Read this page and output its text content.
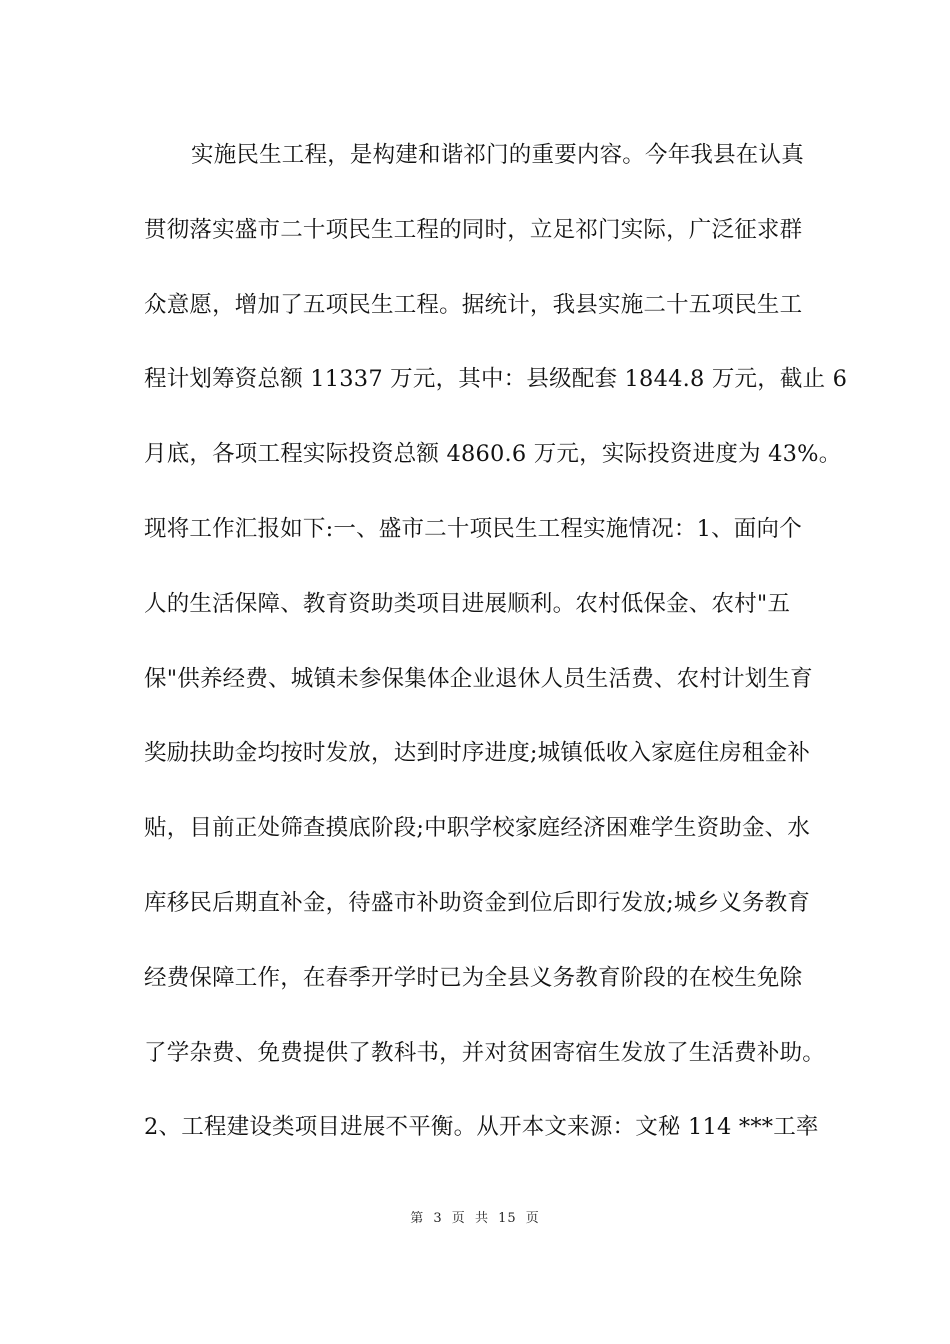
实施民生工程，是构建和谐祁门的重要内容。今年我县在认真
贯彻落实盛市二十项民生工程的同时，立足祁门实际，广泛征求群
众意愿，增加了五项民生工程。据统计，我县实施二十五项民生工
程计划筹资总额 11337 万元，其中：县级配套 1844.8 万元，截止 6
月底，各项工程实际投资总额 4860.6 万元，实际投资进度为 43%。
现将工作汇报如下:一、盛市二十项民生工程实施情况：1、面向个
人的生活保障、教育资助类项目进展顺利。农村低保金、农村"五
保"供养经费、城镇未参保集体企业退休人员生活费、农村计划生育
奖励扶助金均按时发放，达到时序进度;城镇低收入家庭住房租金补
贴，目前正处筛查摸底阶段;中职学校家庭经济困难学生资助金、水
库移民后期直补金，待盛市补助资金到位后即行发放;城乡义务教育
经费保障工作，在春季开学时已为全县义务教育阶段的在校生免除
了学杂费、免费提供了教科书，并对贫困寄宿生发放了生活费补助。
2、工程建设类项目进展不平衡。从开本文来源：文秘 114 ***工率
第 3 页 共 15 页
